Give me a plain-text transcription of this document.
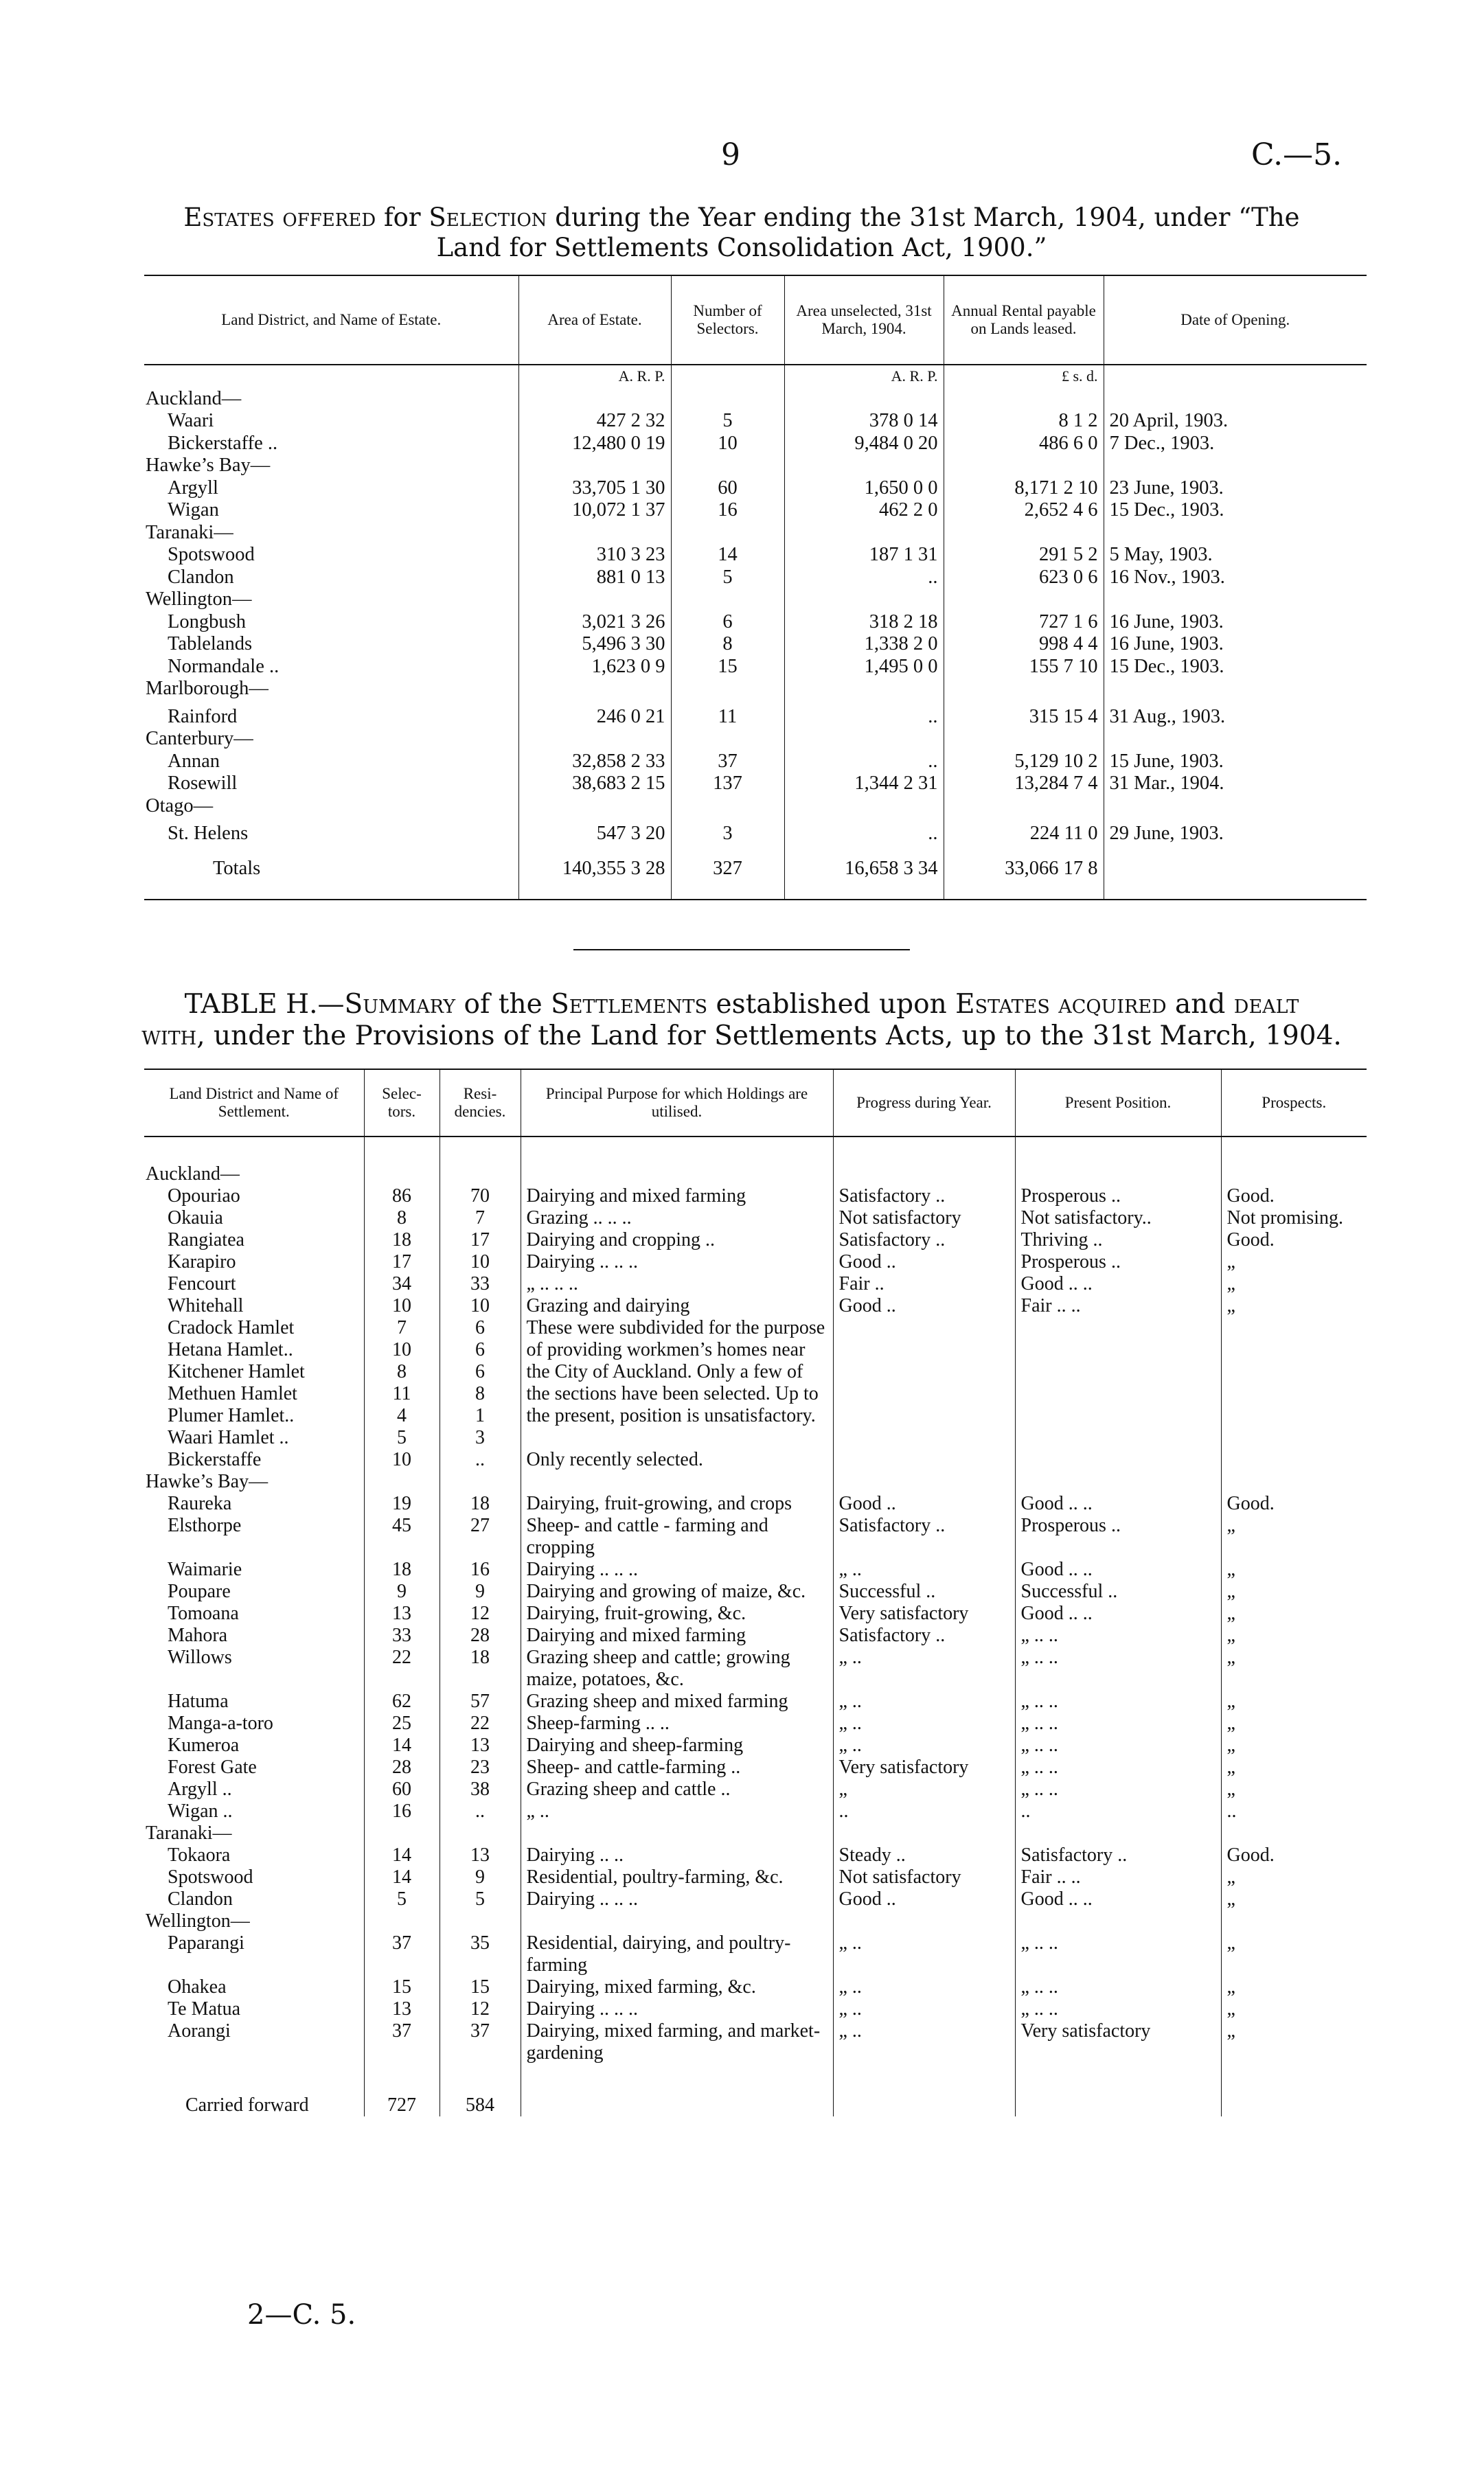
9	C.—5.
Estates offered for Selection during the Year ending the 31st March, 1904, under “The
Land for Settlements Consolidation Act, 1900.”
Land District, and Name of Estate.	Area of Estate.	Number of Selectors.	Area unselected, 31st March, 1904.	Annual Rental payable on Lands leased.	Date of Opening.
	A. R. P.		A. R. P.	£ s. d.	
Auckland—					
Waari	427 2 32	5	378 0 14	8 1 2	20 April, 1903.
Bickerstaffe ..	12,480 0 19	10	9,484 0 20	486 6 0	7 Dec., 1903.
Hawke’s Bay—					
Argyll	33,705 1 30	60	1,650 0 0	8,171 2 10	23 June, 1903.
Wigan	10,072 1 37	16	462 2 0	2,652 4 6	15 Dec., 1903.
Taranaki—					
Spotswood	310 3 23	14	187 1 31	291 5 2	5 May, 1903.
Clandon	881 0 13	5	..	623 0 6	16 Nov., 1903.
Wellington—					
Longbush	3,021 3 26	6	318 2 18	727 1 6	16 June, 1903.
Tablelands	5,496 3 30	8	1,338 2 0	998 4 4	16 June, 1903.
Normandale ..	1,623 0 9	15	1,495 0 0	155 7 10	15 Dec., 1903.
Marlborough—					
Rainford	246 0 21	11	..	315 15 4	31 Aug., 1903.
Canterbury—					
Annan	32,858 2 33	37	..	5,129 10 2	15 June, 1903.
Rosewill	38,683 2 15	137	1,344 2 31	13,284 7 4	31 Mar., 1904.
Otago—					
St. Helens	547 3 20	3	..	224 11 0	29 June, 1903.
Totals	140,355 3 28	327	16,658 3 34	33,066 17 8	
TABLE H.—Summary of the Settlements established upon Estates acquired and dealt
with, under the Provisions of the Land for Settlements Acts, up to the 31st March, 1904.
Land District and Name of Settlement.	Selec-tors.	Resi-dencies.	Principal Purpose for which Holdings are utilised.	Progress during Year.	Present Position.	Prospects.
Auckland—						
Opouriao	86	70	Dairying and mixed farming	Satisfactory ..	Prosperous ..	Good.
Okauia	8	7	Grazing .. .. ..	Not satisfactory	Not satisfactory..	Not promising.
Rangiatea	18	17	Dairying and cropping ..	Satisfactory ..	Thriving ..	Good.
Karapiro	17	10	Dairying .. .. ..	Good ..	Prosperous ..	„
Fencourt	34	33	„ .. .. ..	Fair ..	Good .. ..	„
Whitehall	10	10	Grazing and dairying	Good ..	Fair .. ..	„
Cradock Hamlet	7	6	These were subdivided for the purpose of providing workmen’s homes near the City of Auckland. Only a few of the sections have been selected. Up to the present, position is unsatisfactory.			
Hetana Hamlet..	10	6				
Kitchener Hamlet	8	6				
Methuen Hamlet	11	8				
Plumer Hamlet..	4	1				
Waari Hamlet ..	5	3				
Bickerstaffe	10	..	Only recently selected.			
Hawke’s Bay—						
Raureka	19	18	Dairying, fruit-growing, and crops	Good ..	Good .. ..	Good.
Elsthorpe	45	27	Sheep- and cattle - farming and cropping	Satisfactory ..	Prosperous ..	„
Waimarie	18	16	Dairying .. .. ..	„ ..	Good .. ..	„
Poupare	9	9	Dairying and growing of maize, &c.	Successful ..	Successful ..	„
Tomoana	13	12	Dairying, fruit-growing, &c.	Very satisfactory	Good .. ..	„
Mahora	33	28	Dairying and mixed farming	Satisfactory ..	„ .. ..	„
Willows	22	18	Grazing sheep and cattle; growing maize, potatoes, &c.	„ ..	„ .. ..	„
Hatuma	62	57	Grazing sheep and mixed farming	„ ..	„ .. ..	„
Manga-a-toro	25	22	Sheep-farming .. ..	„ ..	„ .. ..	„
Kumeroa	14	13	Dairying and sheep-farming	„ ..	„ .. ..	„
Forest Gate	28	23	Sheep- and cattle-farming ..	Very satisfactory	„ .. ..	„
Argyll ..	60	38	Grazing sheep and cattle ..	„	„ .. ..	„
Wigan ..	16	..	„ ..	..	..	..
Taranaki—						
Tokaora	14	13	Dairying .. ..	Steady ..	Satisfactory ..	Good.
Spotswood	14	9	Residential, poultry-farming, &c.	Not satisfactory	Fair .. ..	„
Clandon	5	5	Dairying .. .. ..	Good ..	Good .. ..	„
Wellington—						
Paparangi	37	35	Residential, dairying, and poultry-farming	„ ..	„ .. ..	„
Ohakea	15	15	Dairying, mixed farming, &c.	„ ..	„ .. ..	„
Te Matua	13	12	Dairying .. .. ..	„ ..	„ .. ..	„
Aorangi	37	37	Dairying, mixed farming, and market-gardening	„ ..	Very satisfactory	„
Carried forward	727	584				
2—C. 5.
